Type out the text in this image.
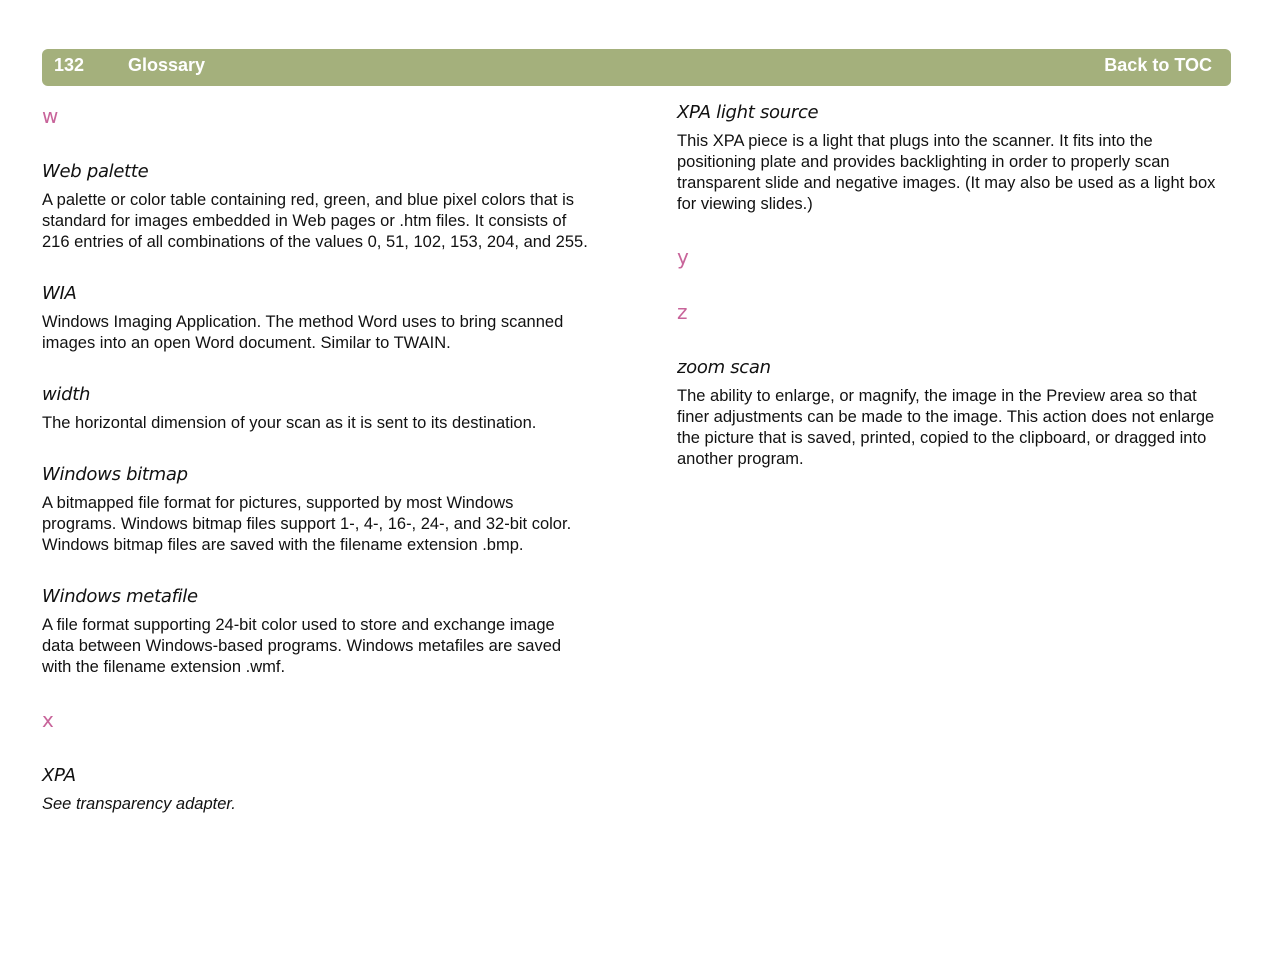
132 Glossary	Back to TOC

w

Web palette

A palette or color table containing red, green, and blue pixel colors that is standard for images embedded in Web pages or .htm files. It consists of 216 entries of all combinations of the values 0, 51, 102, 153, 204, and 255.

WIA

Windows Imaging Application. The method Word uses to bring scanned images into an open Word document. Similar to TWAIN.

width

The horizontal dimension of your scan as it is sent to its destination.

Windows bitmap

A bitmapped file format for pictures, supported by most Windows programs. Windows bitmap files support 1-, 4-, 16-, 24-, and 32-bit color. Windows bitmap files are saved with the filename extension .bmp.

Windows metafile

A file format supporting 24-bit color used to store and exchange image data between Windows-based programs. Windows metafiles are saved with the filename extension .wmf.

x

XPA

See transparency adapter.

XPA light source

This XPA piece is a light that plugs into the scanner. It fits into the positioning plate and provides backlighting in order to properly scan transparent slide and negative images. (It may also be used as a light box for viewing slides.)

y

z

zoom scan

The ability to enlarge, or magnify, the image in the Preview area so that finer adjustments can be made to the image. This action does not enlarge the picture that is saved, printed, copied to the clipboard, or dragged into another program.
